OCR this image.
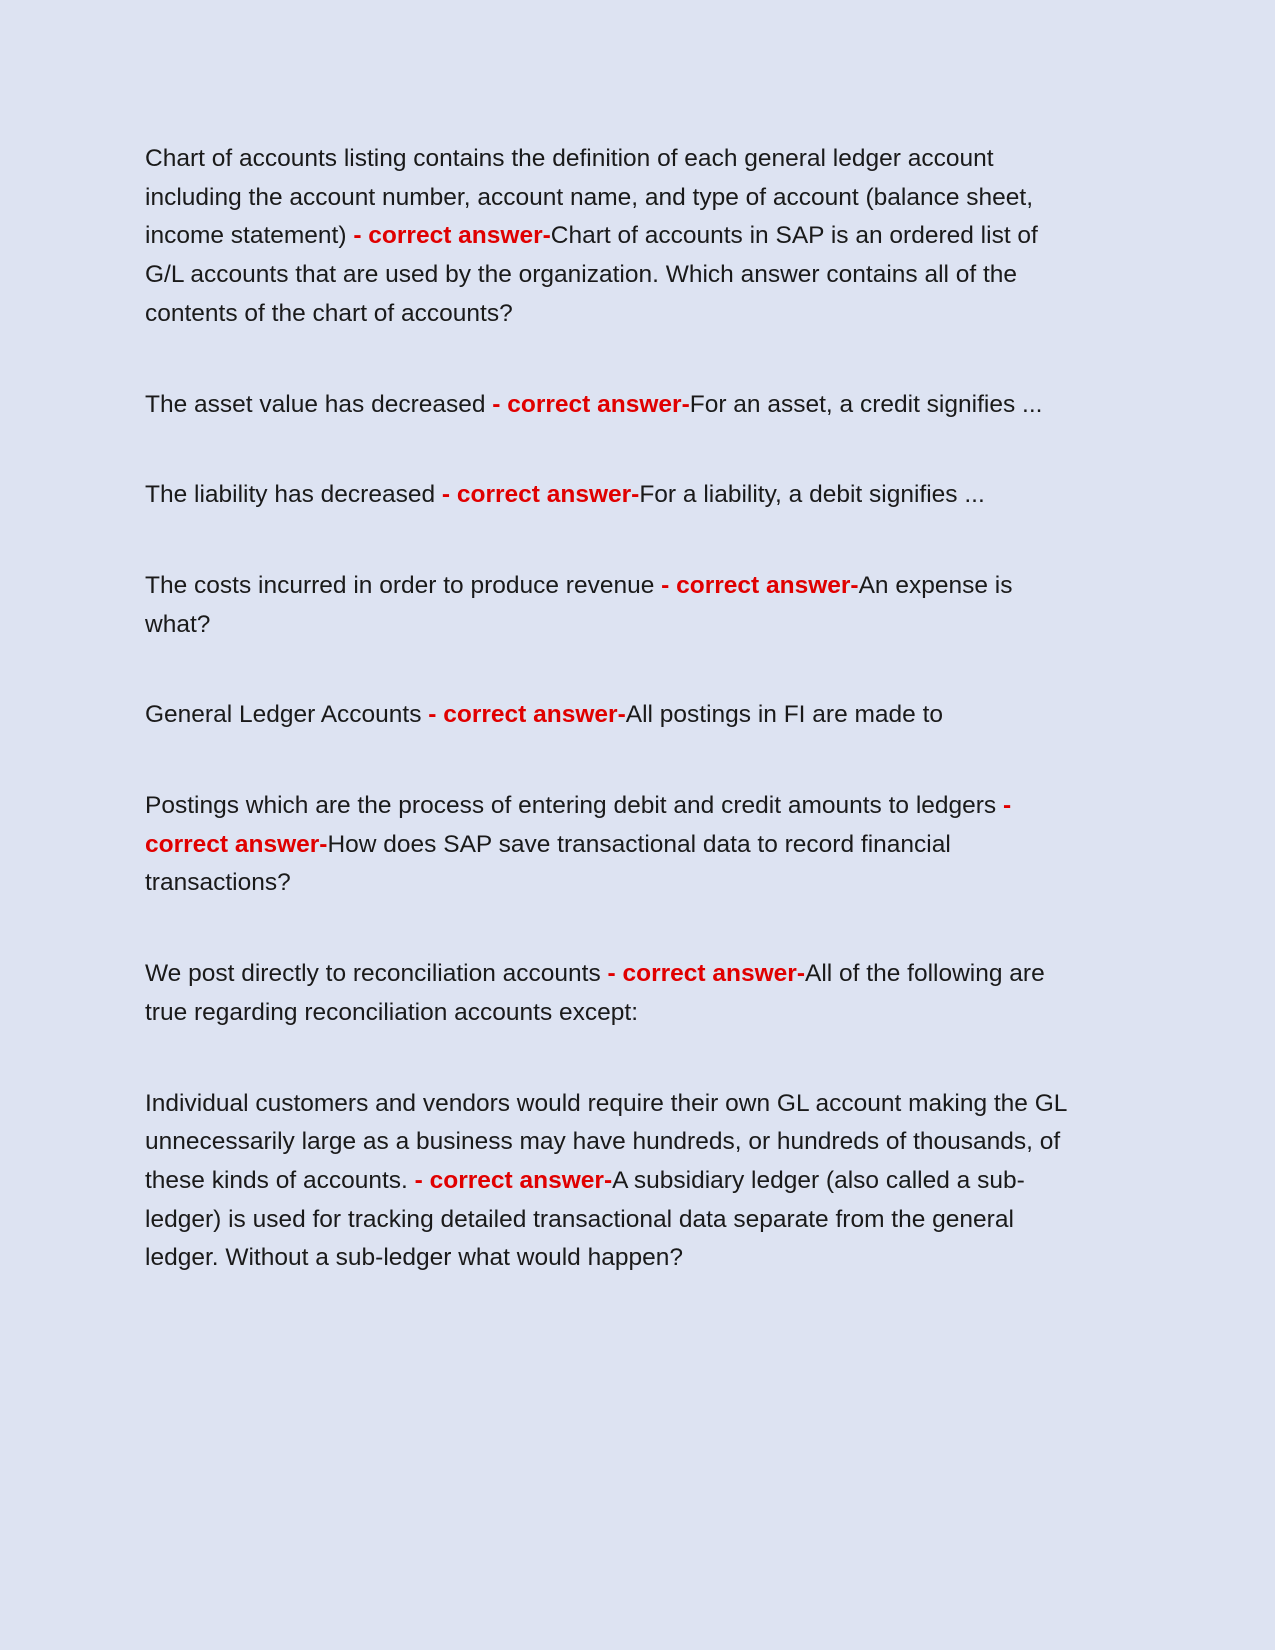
Chart of accounts listing contains the definition of each general ledger account including the account number, account name, and type of account (balance sheet, income statement) - correct answer-Chart of accounts in SAP is an ordered list of G/L accounts that are used by the organization. Which answer contains all of the contents of the chart of accounts?

The asset value has decreased - correct answer-For an asset, a credit signifies ...

The liability has decreased - correct answer-For a liability, a debit signifies ...

The costs incurred in order to produce revenue - correct answer-An expense is what?

General Ledger Accounts - correct answer-All postings in FI are made to

Postings which are the process of entering debit and credit amounts to ledgers - correct answer-How does SAP save transactional data to record financial transactions?

We post directly to reconciliation accounts - correct answer-All of the following are true regarding reconciliation accounts except:

Individual customers and vendors would require their own GL account making the GL unnecessarily large as a business may have hundreds, or hundreds of thousands, of these kinds of accounts. - correct answer-A subsidiary ledger (also called a sub-ledger) is used for tracking detailed transactional data separate from the general ledger. Without a sub-ledger what would happen?
